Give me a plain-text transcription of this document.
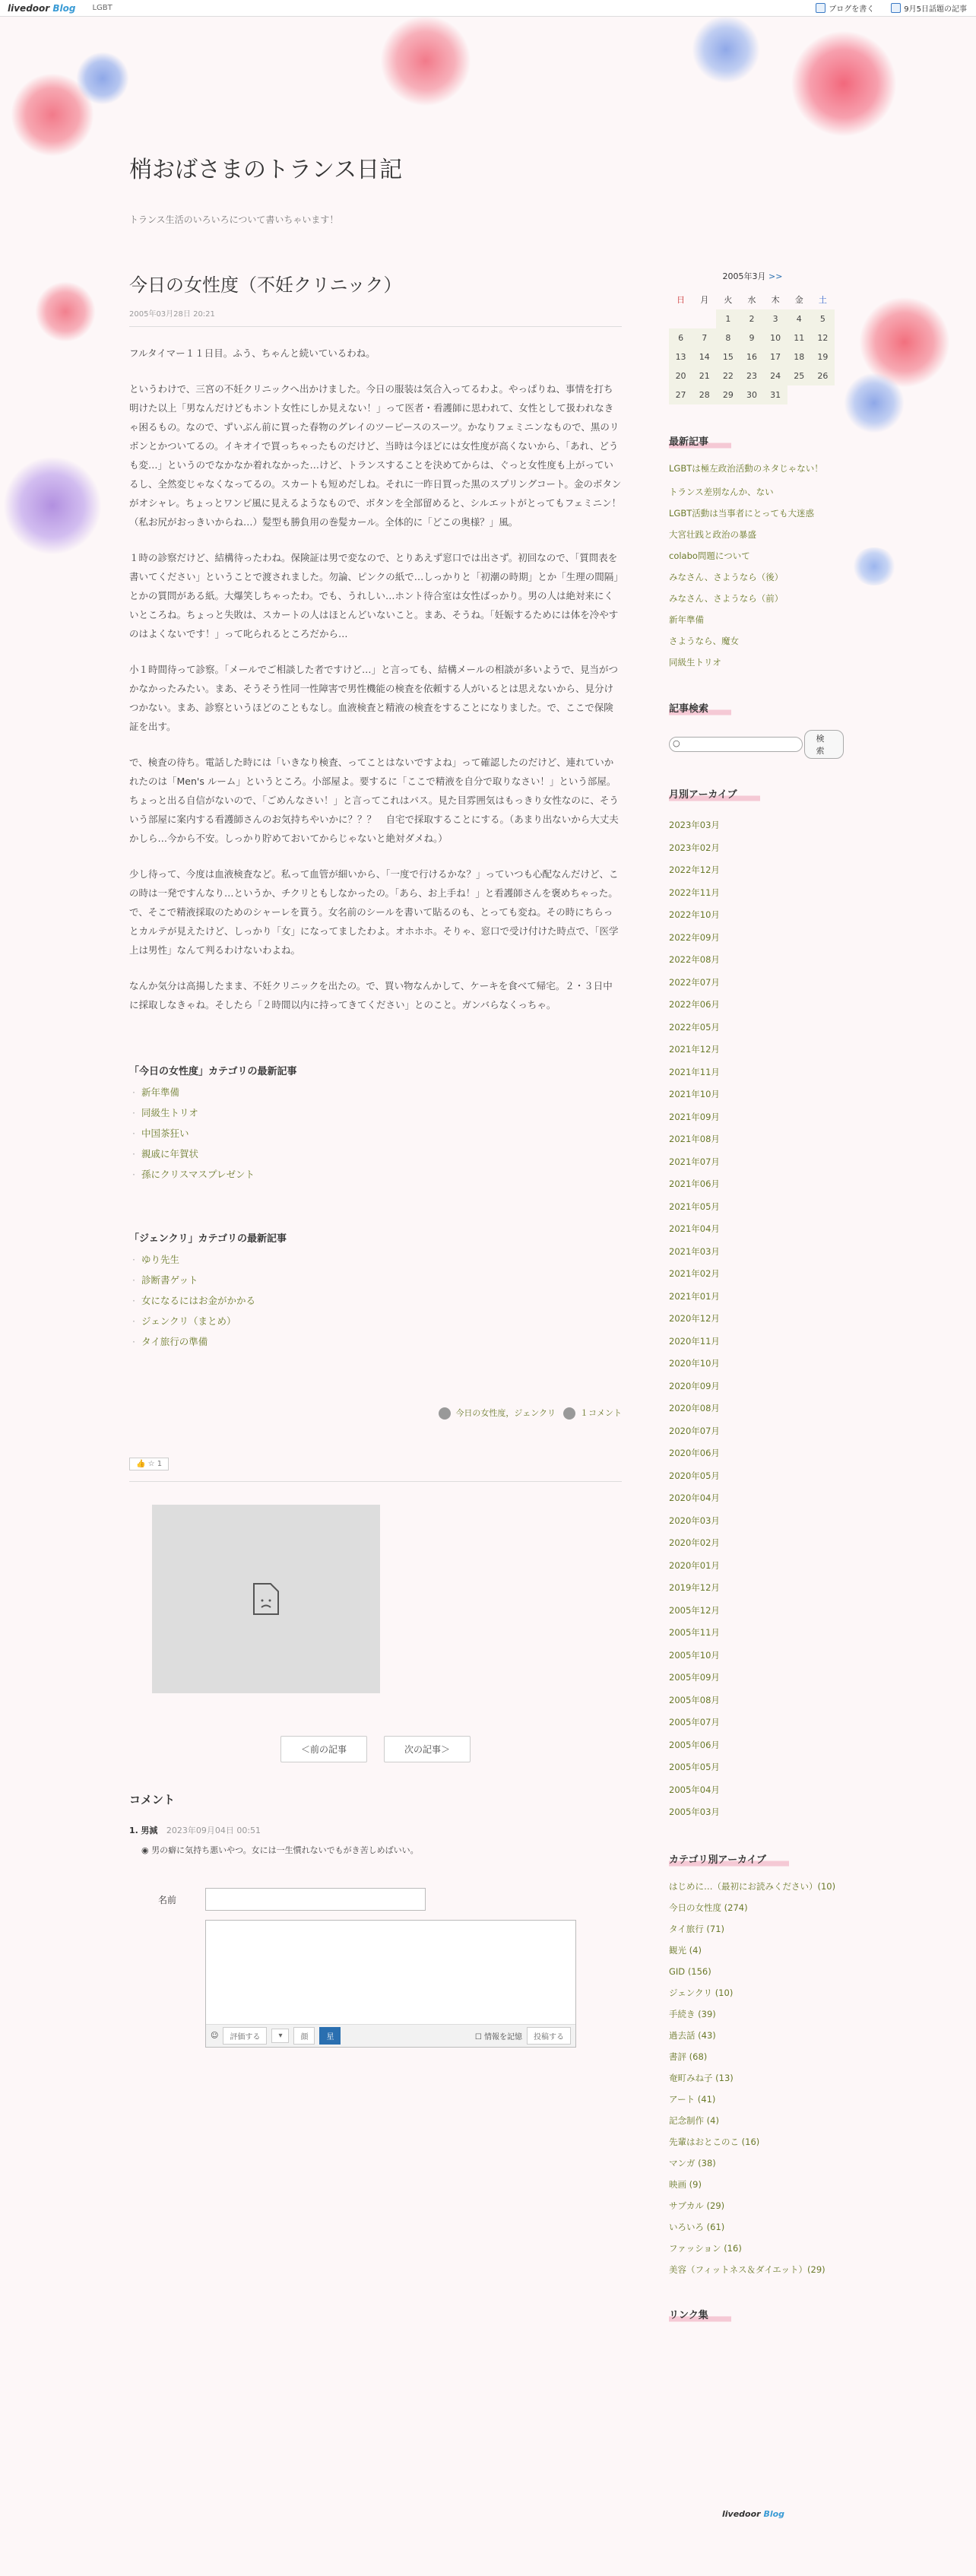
livedoor Blog LGBT	ブログを書く	9月5日話題の記事
梢おばさまのトランス日記
トランス生活のいろいろについて書いちゃいます！
今日の女性度（不妊クリニック）
2005年03月28日 20:21

フルタイマー１１日目。ふう、ちゃんと続いているわね。

というわけで、三宮の不妊クリニックへ出かけました。今日の服装は気合入ってるわよ。やっぱりね、事情を打ち明けた以上「男なんだけどもホント女性にしか見えない！」って医者・看護師に思われて、女性として扱われなきゃ困るもの。なので、ずいぶん前に買った春物のグレイのツーピースのスーツ。かなりフェミニンなもので、黒のリボンとかついてるの。イキオイで買っちゃったものだけど、当時は今ほどには女性度が高くないから、「あれ、どうも変…」というのでなかなか着れなかった…けど、トランスすることを決めてからは、ぐっと女性度も上がっているし、全然変じゃなくなってるの。スカートも短めだしね。それに一昨日買った黒のスプリングコート。金のボタンがオシャレ。ちょっとワンピ風に見えるようなもので、ボタンを全部留めると、シルエットがとってもフェミニン！（私お尻がおっきいからね…）髪型も勝負用の巻髪カール。全体的に「どこの奥様？」風。

１時の診察だけど、結構待ったわね。保険証は男で変なので、とりあえず窓口では出さず。初回なので、「質問表を書いてください」ということで渡されました。勿論、ピンクの紙で…しっかりと「初潮の時期」とか「生理の間隔」とかの質問がある紙。大爆笑しちゃったわ。でも、うれしい…ホント待合室は女性ばっかり。男の人は絶対来にくいところね。ちょっと失敗は、スカートの人はほとんどいないこと。まあ、そうね。「妊娠するためには体を冷やすのはよくないです！」って叱られるところだから…

小１時間待って診察。「メールでご相談した者ですけど…」と言っても、結構メールの相談が多いようで、見当がつかなかったみたい。まあ、そうそう性同一性障害で男性機能の検査を依頼する人がいるとは思えないから、見分けつかない。まあ、診察というほどのこともなし。血液検査と精液の検査をすることになりました。で、ここで保険証を出す。

で、検査の待ち。電話した時には「いきなり検査、ってことはないですよね」って確認したのだけど、連れていかれたのは「Men's ルーム」というところ。小部屋よ。要するに「ここで精液を自分で取りなさい！」という部屋。ちょっと出る自信がないので、「ごめんなさい！」と言ってこれはパス。見た目雰囲気はもっきり女性なのに、そういう部屋に案内する看護師さんのお気持ちやいかに？？？　自宅で採取することにする。（あまり出ないから大丈夫かしら…今から不安。しっかり貯めておいてからじゃないと絶対ダメね。）

少し待って、今度は血液検査など。私って血管が細いから、「一度で行けるかな？」っていつも心配なんだけど、この時は一発ですんなり…というか、チクリともしなかったの。「あら、お上手ね！」と看護師さんを褒めちゃった。で、そこで精液採取のためのシャーレを貰う。女名前のシールを書いて貼るのも、とっても変ね。その時にちらっとカルテが見えたけど、しっかり「女」になってましたわよ。オホホホ。そりゃ、窓口で受け付けた時点で、「医学上は男性」なんて判るわけないわよね。

なんか気分は高揚したまま、不妊クリニックを出たの。で、買い物なんかして、ケーキを食べて帰宅。２・３日中に採取しなきゃね。そしたら「２時間以内に持ってきてください」とのこと。ガンバらなくっちゃ。

「今日の女性度」カテゴリの最新記事
· 新年準備
· 同級生トリオ
· 中国茶狂い
· 親戚に年賀状
· 孫にクリスマスプレゼント
「ジェンクリ」カテゴリの最新記事
· ゆり先生
· 診断書ゲット
· 女になるにはお金がかかる
· ジェンクリ（まとめ）
· タイ旅行の準備
今日の女性度，ジェンクリ	１コメント
👍 ☆ 1
＜前の記事	次の記事＞
コメント
1. 男減 2023年09月04日 00:51
◉ 男の癖に気持ち悪いやつ。女には一生慣れないでもがき苦しめばいい。
名前
☺	評価する	▾	顔	星	☐ 情報を記憶	投稿する
2005年3月 >>
日	月	火	水	木	金	土
		1	2	3	4	5
6	7	8	9	10	11	12
13	14	15	16	17	18	19
20	21	22	23	24	25	26
27	28	29	30	31		
最新記事
LGBTは極左政治活動のネタじゃない！
トランス差別なんか、ない
LGBT活動は当事者にとっても大迷惑
大宮壮践と政治の暴盛
colabo問題について
みなさん、さようなら（後）
みなさん、さようなら（前）
新年準備
さようなら、魔女
同級生トリオ
記事検索
○	検索
月別アーカイブ
2023年03月
2023年02月
2022年12月
2022年11月
2022年10月
2022年09月
2022年08月
2022年07月
2022年06月
2022年05月
2021年12月
2021年11月
2021年10月
2021年09月
2021年08月
2021年07月
2021年06月
2021年05月
2021年04月
2021年03月
2021年02月
2021年01月
2020年12月
2020年11月
2020年10月
2020年09月
2020年08月
2020年07月
2020年06月
2020年05月
2020年04月
2020年03月
2020年02月
2020年01月
2019年12月
2005年12月
2005年11月
2005年10月
2005年09月
2005年08月
2005年07月
2005年06月
2005年05月
2005年04月
2005年03月
カテゴリ別アーカイブ
はじめに…（最初にお読みください）(10)
今日の女性度 (274)
タイ旅行 (71)
観光 (4)
GID (156)
ジェンクリ (10)
手続き (39)
過去話 (43)
書評 (68)
奄町みね子 (13)
アート (41)
記念制作 (4)
先輩はおとこのこ (16)
マンガ (38)
映画 (9)
サブカル (29)
いろいろ (61)
ファッション (16)
美容（フィットネス＆ダイエット）(29)
リンク集
livedoor Blog
